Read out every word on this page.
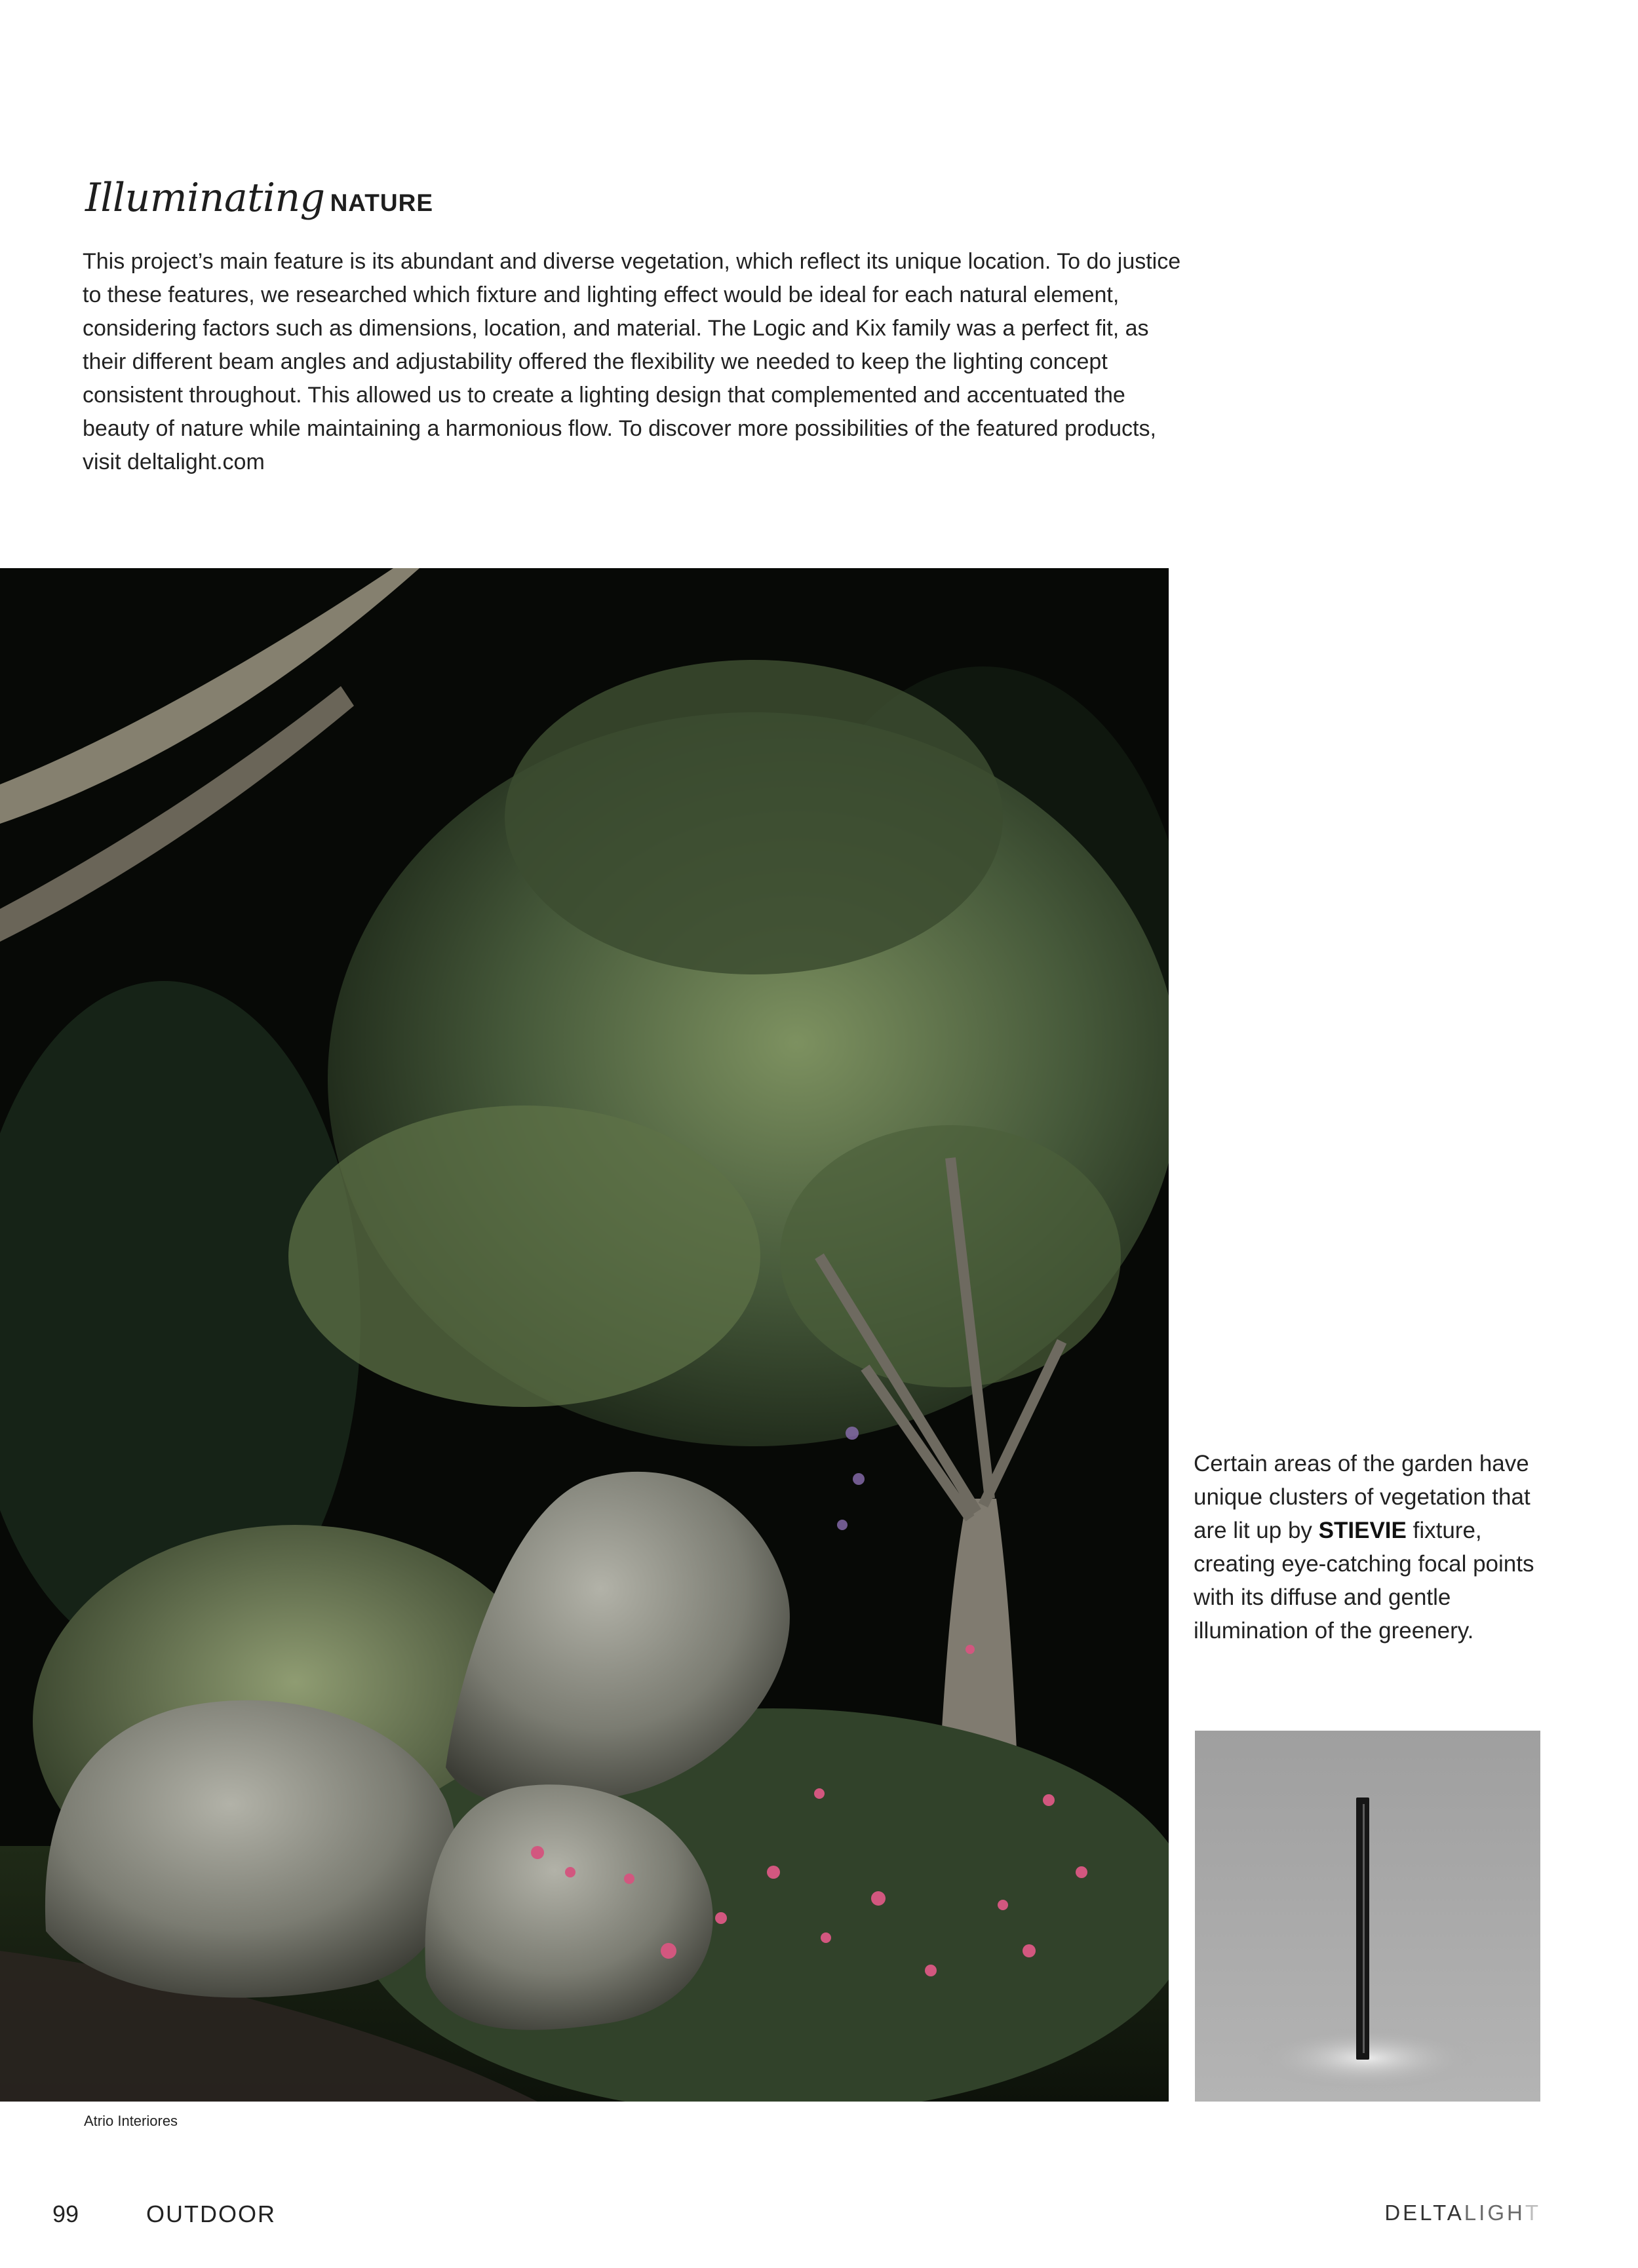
Illuminating NATURE

This project’s main feature is its abundant and diverse vegetation, which reflect its unique location. To do justice to these features, we researched which fixture and lighting effect would be ideal for each natural element, considering factors such as dimensions, location, and material. The Logic and Kix family was a perfect fit, as their different beam angles and adjustability offered the flexibility we needed to keep the lighting concept consistent throughout. This allowed us to create a lighting design that complemented and accentuated the beauty of nature while maintaining a harmonious flow. To discover more possibilities of the featured products, visit deltalight.com

Atrio Interiores

Certain areas of the garden have unique clusters of vegetation that are lit up by STIEVIE fixture, creating eye-catching focal points with its diffuse and gentle illumination of the greenery.

99	OUTDOOR	DELTALIGHT
